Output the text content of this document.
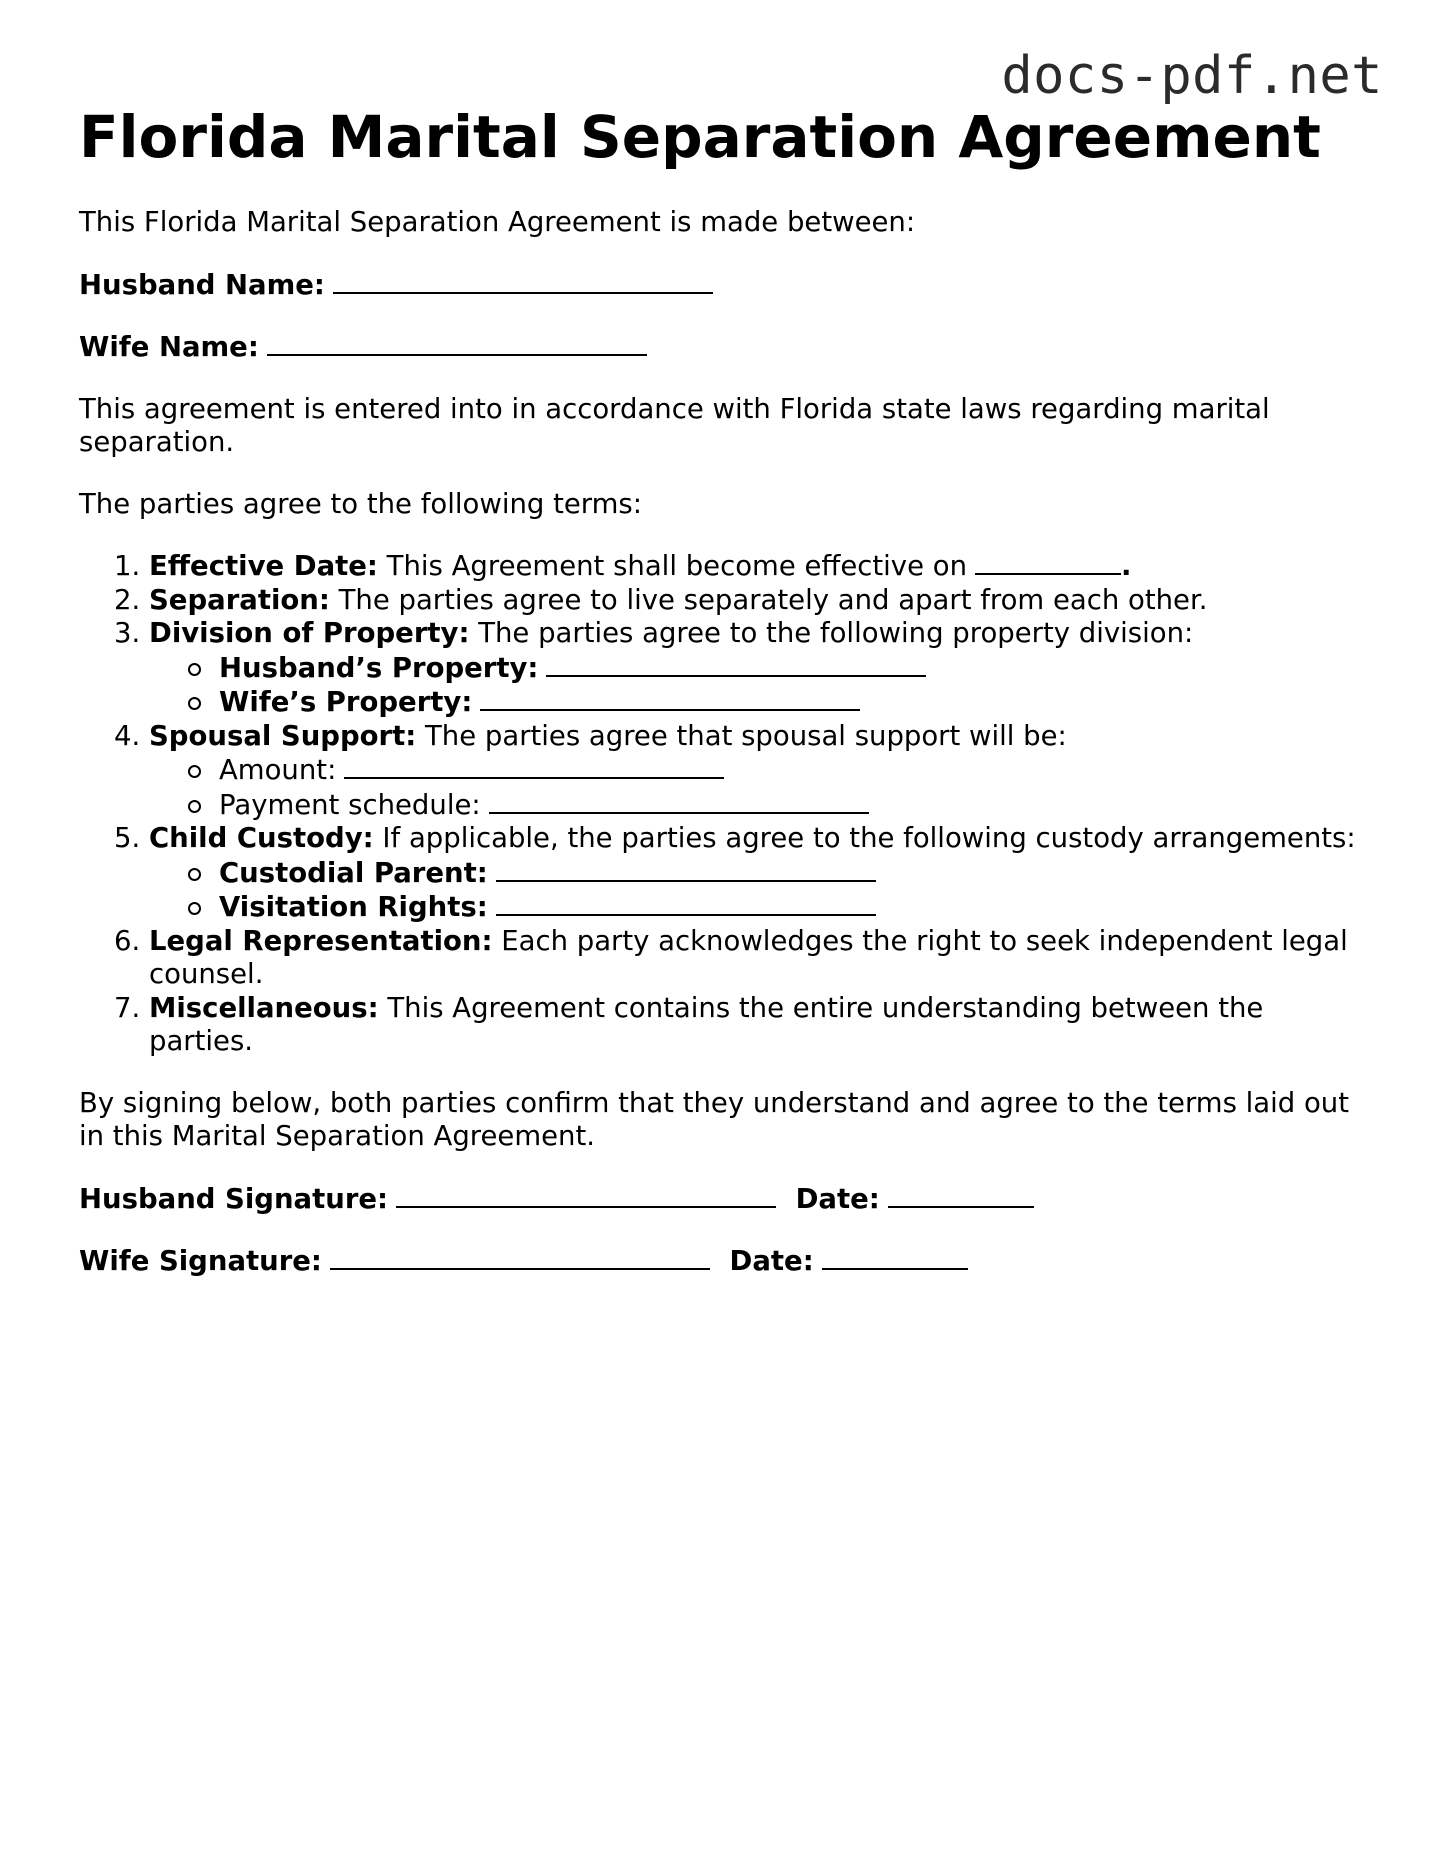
docs-pdf.net
Florida Marital Separation Agreement

This Florida Marital Separation Agreement is made between:

Husband Name:

Wife Name:

This agreement is entered into in accordance with Florida state laws regarding marital separation.

The parties agree to the following terms:

1. Effective Date: This Agreement shall become effective on	.
2. Separation: The parties agree to live separately and apart from each other.
3. Division of Property: The parties agree to the following property division:
Husband’s Property:
Wife’s Property:
4. Spousal Support: The parties agree that spousal support will be:
Amount:
Payment schedule:
5. Child Custody: If applicable, the parties agree to the following custody arrangements:
Custodial Parent:
Visitation Rights:
6. Legal Representation: Each party acknowledges the right to seek independent legal counsel.
7. Miscellaneous: This Agreement contains the entire understanding between the parties.

By signing below, both parties confirm that they understand and agree to the terms laid out in this Marital Separation Agreement.

Husband Signature:	Date:

Wife Signature:	Date:
